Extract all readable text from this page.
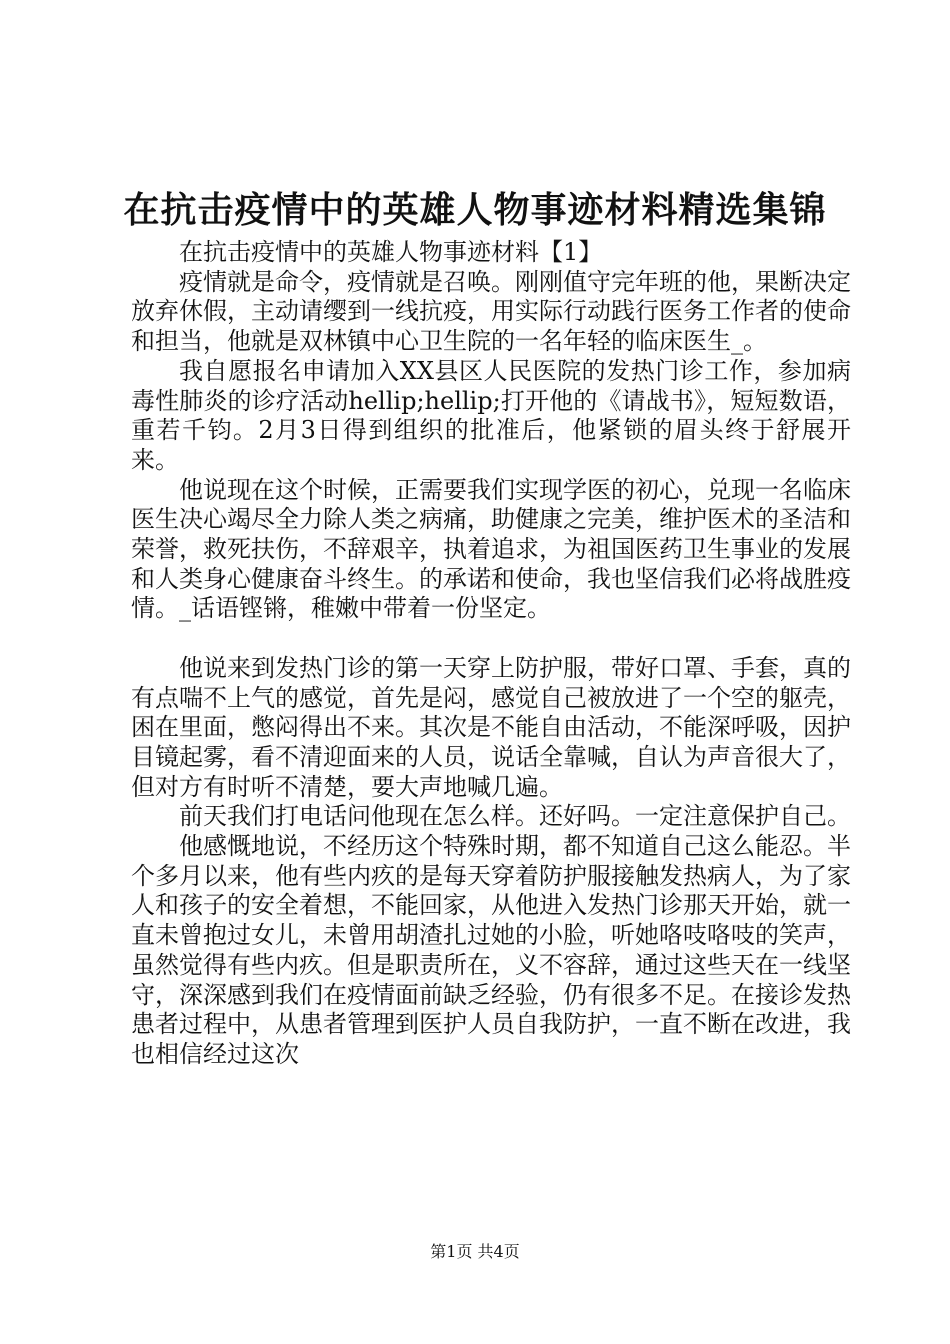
在抗击疫情中的英雄人物事迹材料精选集锦

在抗击疫情中的英雄人物事迹材料【1】

疫情就是命令，疫情就是召唤。刚刚值守完年班的他，果断决定放弃休假，主动请缨到一线抗疫，用实际行动践行医务工作者的使命和担当，他就是双林镇中心卫生院的一名年轻的临床医生_。

我自愿报名申请加入XX县区人民医院的发热门诊工作，参加病毒性肺炎的诊疗活动hellip;hellip;打开他的《请战书》，短短数语，重若千钧。2月3日得到组织的批准后，他紧锁的眉头终于舒展开来。

他说现在这个时候，正需要我们实现学医的初心，兑现一名临床医生决心竭尽全力除人类之病痛，助健康之完美，维护医术的圣洁和荣誉，救死扶伤，不辞艰辛，执着追求，为祖国医药卫生事业的发展和人类身心健康奋斗终生。的承诺和使命，我也坚信我们必将战胜疫情。_话语铿锵，稚嫩中带着一份坚定。

他说来到发热门诊的第一天穿上防护服，带好口罩、手套，真的有点喘不上气的感觉，首先是闷，感觉自己被放进了一个空的躯壳，困在里面，憋闷得出不来。其次是不能自由活动，不能深呼吸，因护目镜起雾，看不清迎面来的人员，说话全靠喊，自认为声音很大了，但对方有时听不清楚，要大声地喊几遍。

前天我们打电话问他现在怎么样。还好吗。一定注意保护自己。

他感慨地说，不经历这个特殊时期，都不知道自己这么能忍。半个多月以来，他有些内疚的是每天穿着防护服接触发热病人，为了家人和孩子的安全着想，不能回家，从他进入发热门诊那天开始，就一直未曾抱过女儿，未曾用胡渣扎过她的小脸，听她咯吱咯吱的笑声，虽然觉得有些内疚。但是职责所在，义不容辞，通过这些天在一线坚守，深深感到我们在疫情面前缺乏经验，仍有很多不足。在接诊发热患者过程中，从患者管理到医护人员自我防护，一直不断在改进，我也相信经过这次

第1页 共4页
